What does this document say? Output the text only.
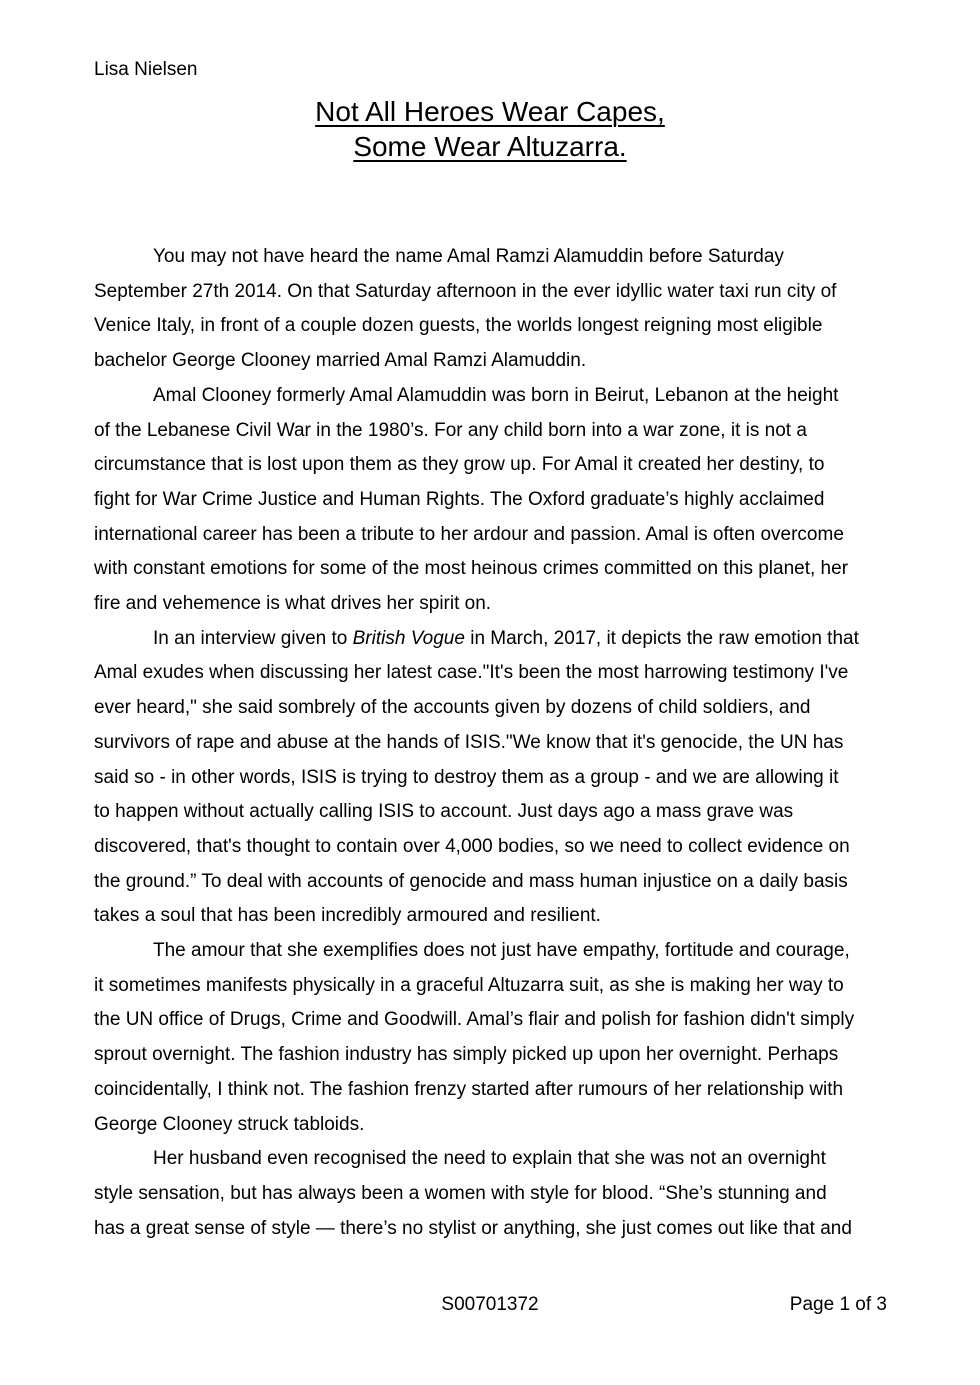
Lisa Nielsen
Not All Heroes Wear Capes,
Some Wear Altuzarra.

You may not have heard the name Amal Ramzi Alamuddin before Saturday
September 27th 2014. On that Saturday afternoon in the ever idyllic water taxi run city of
Venice Italy, in front of a couple dozen guests, the worlds longest reigning most eligible
bachelor George Clooney married Amal Ramzi Alamuddin.

Amal Clooney formerly Amal Alamuddin was born in Beirut, Lebanon at the height
of the Lebanese Civil War in the 1980’s. For any child born into a war zone, it is not a
circumstance that is lost upon them as they grow up. For Amal it created her destiny, to
fight for War Crime Justice and Human Rights. The Oxford graduate’s highly acclaimed
international career has been a tribute to her ardour and passion. Amal is often overcome
with constant emotions for some of the most heinous crimes committed on this planet, her
fire and vehemence is what drives her spirit on.

In an interview given to British Vogue in March, 2017, it depicts the raw emotion that
Amal exudes when discussing her latest case."It's been the most harrowing testimony I've
ever heard," she said sombrely of the accounts given by dozens of child soldiers, and
survivors of rape and abuse at the hands of ISIS."We know that it's genocide, the UN has
said so - in other words, ISIS is trying to destroy them as a group - and we are allowing it
to happen without actually calling ISIS to account. Just days ago a mass grave was
discovered, that's thought to contain over 4,000 bodies, so we need to collect evidence on
the ground.” To deal with accounts of genocide and mass human injustice on a daily basis
takes a soul that has been incredibly armoured and resilient.

The amour that she exemplifies does not just have empathy, fortitude and courage,
it sometimes manifests physically in a graceful Altuzarra suit, as she is making her way to
the UN office of Drugs, Crime and Goodwill. Amal’s flair and polish for fashion didn't simply
sprout overnight. The fashion industry has simply picked up upon her overnight. Perhaps
coincidentally, I think not. The fashion frenzy started after rumours of her relationship with
George Clooney struck tabloids.

Her husband even recognised the need to explain that she was not an overnight
style sensation, but has always been a women with style for blood. “She’s stunning and
has a great sense of style — there’s no stylist or anything, she just comes out like that and

S00701372	Page 1 of 3
